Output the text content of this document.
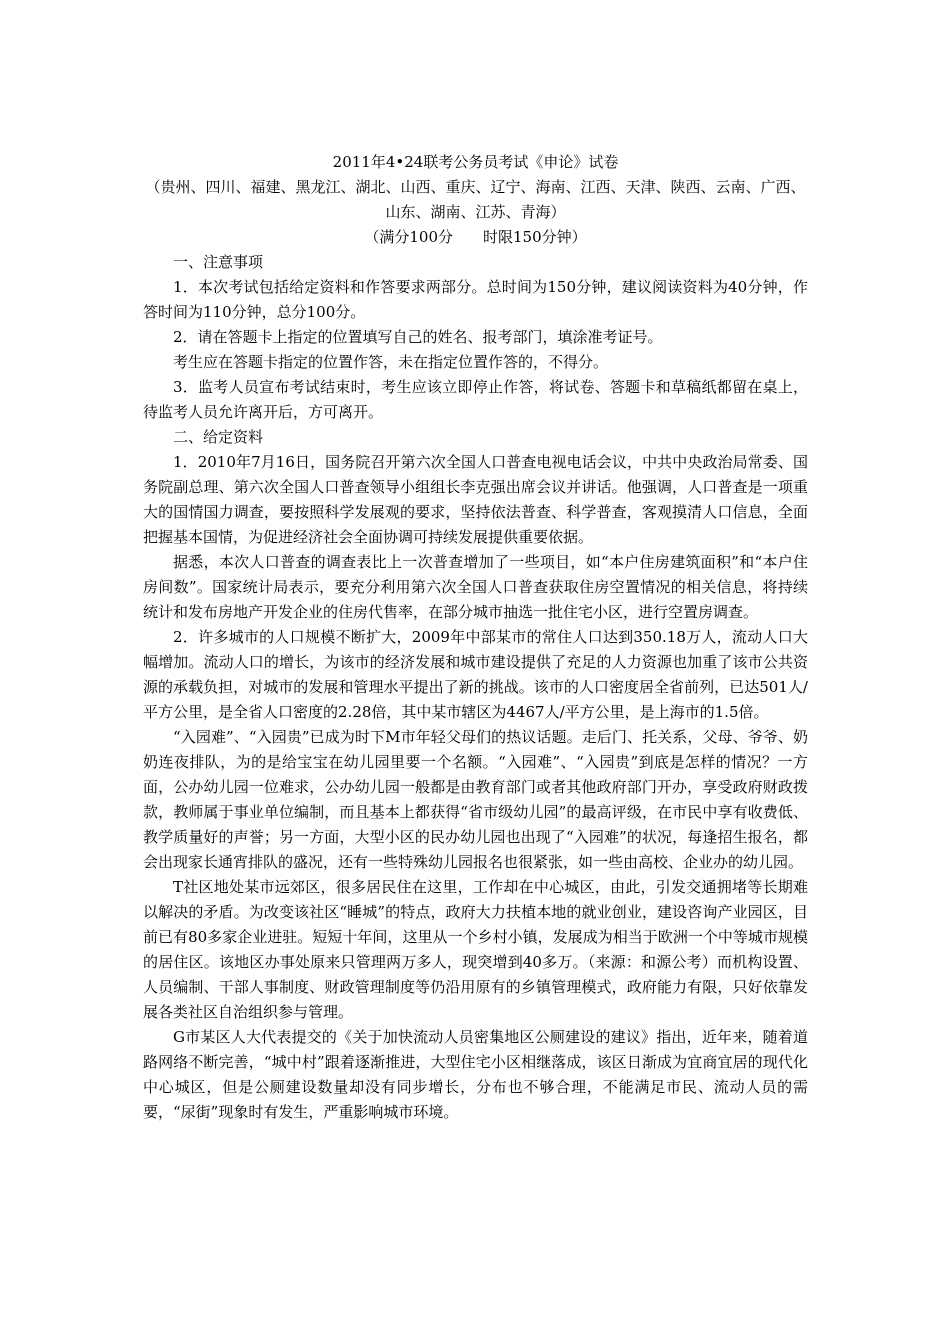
2011年4•24联考公务员考试《申论》试卷
（贵州、四川、福建、黑龙江、湖北、山西、重庆、辽宁、海南、江西、天津、陕西、云南、广西、山东、湖南、江苏、青海）
（满分100分　　时限150分钟）

一、注意事项

1．本次考试包括给定资料和作答要求两部分。总时间为150分钟，建议阅读资料为40分钟，作答时间为110分钟，总分100分。

2．请在答题卡上指定的位置填写自己的姓名、报考部门，填涂准考证号。

考生应在答题卡指定的位置作答，未在指定位置作答的，不得分。

3．监考人员宣布考试结束时，考生应该立即停止作答，将试卷、答题卡和草稿纸都留在桌上，待监考人员允许离开后，方可离开。

二、给定资料

1．2010年7月16日，国务院召开第六次全国人口普查电视电话会议，中共中央政治局常委、国务院副总理、第六次全国人口普查领导小组组长李克强出席会议并讲话。他强调，人口普查是一项重大的国情国力调查，要按照科学发展观的要求，坚持依法普查、科学普查，客观摸清人口信息，全面把握基本国情，为促进经济社会全面协调可持续发展提供重要依据。

据悉，本次人口普查的调查表比上一次普查增加了一些项目，如“本户住房建筑面积”和“本户住房间数”。国家统计局表示，要充分利用第六次全国人口普查获取住房空置情况的相关信息，将持续统计和发布房地产开发企业的住房代售率，在部分城市抽选一批住宅小区，进行空置房调查。

2．许多城市的人口规模不断扩大，2009年中部某市的常住人口达到350.18万人，流动人口大幅增加。流动人口的增长，为该市的经济发展和城市建设提供了充足的人力资源也加重了该市公共资源的承载负担，对城市的发展和管理水平提出了新的挑战。该市的人口密度居全省前列，已达501人/平方公里，是全省人口密度的2.28倍，其中某市辖区为4467人/平方公里，是上海市的1.5倍。

“入园难”、“入园贵”已成为时下M市年轻父母们的热议话题。走后门、托关系，父母、爷爷、奶奶连夜排队，为的是给宝宝在幼儿园里要一个名额。“入园难”、“入园贵”到底是怎样的情况？一方面，公办幼儿园一位难求，公办幼儿园一般都是由教育部门或者其他政府部门开办，享受政府财政拨款，教师属于事业单位编制，而且基本上都获得“省市级幼儿园”的最高评级，在市民中享有收费低、教学质量好的声誉；另一方面，大型小区的民办幼儿园也出现了“入园难”的状况，每逢招生报名，都会出现家长通宵排队的盛况，还有一些特殊幼儿园报名也很紧张，如一些由高校、企业办的幼儿园。

T社区地处某市远郊区，很多居民住在这里，工作却在中心城区，由此，引发交通拥堵等长期难以解决的矛盾。为改变该社区“睡城”的特点，政府大力扶植本地的就业创业，建设咨询产业园区，目前已有80多家企业进驻。短短十年间，这里从一个乡村小镇，发展成为相当于欧洲一个中等城市规模的居住区。该地区办事处原来只管理两万多人，现突增到40多万。（来源：和源公考）而机构设置、人员编制、干部人事制度、财政管理制度等仍沿用原有的乡镇管理模式，政府能力有限，只好依靠发展各类社区自治组织参与管理。

G市某区人大代表提交的《关于加快流动人员密集地区公厕建设的建议》指出，近年来，随着道路网络不断完善，“城中村”跟着逐渐推进，大型住宅小区相继落成，该区日渐成为宜商宜居的现代化中心城区，但是公厕建设数量却没有同步增长，分布也不够合理，不能满足市民、流动人员的需要，“尿街”现象时有发生，严重影响城市环境。
